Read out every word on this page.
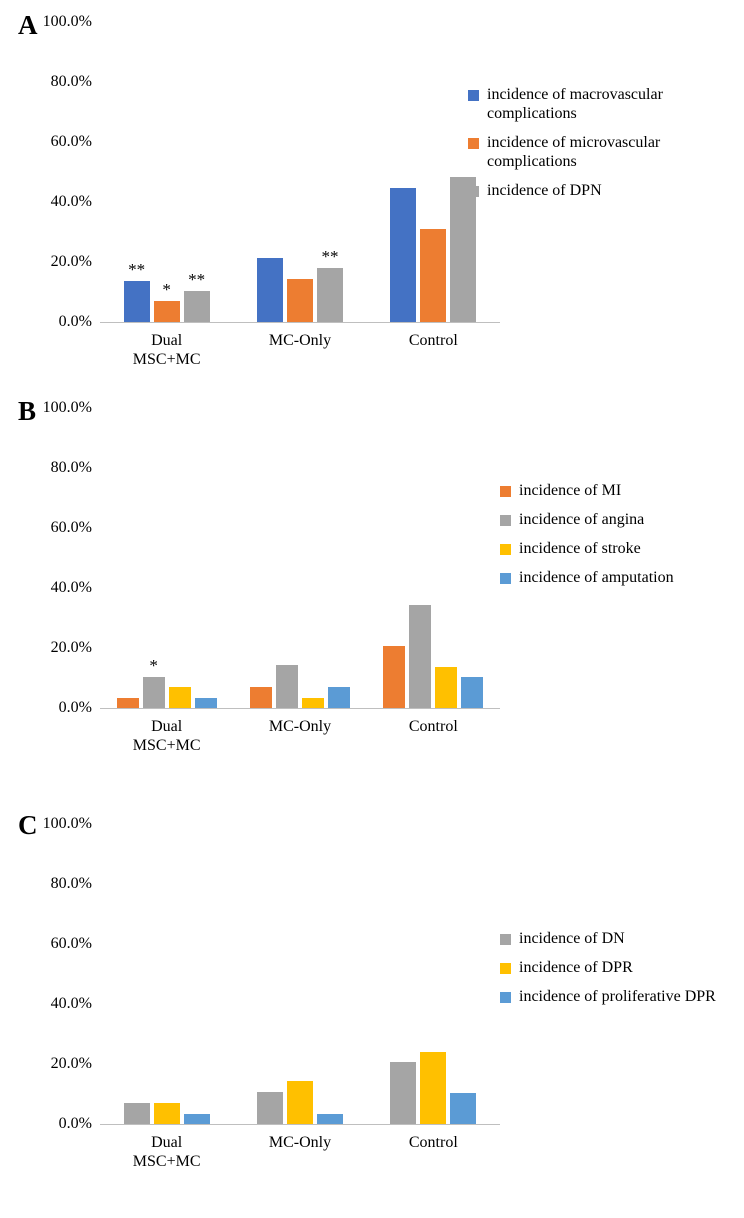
A
0.0%
20.0%
40.0%
60.0%
80.0%
100.0%
**
*
**
**
Dual
MSC+MC
MC-Only	Control
incidence of macrovascular complications
incidence of microvascular complications
incidence of DPN
B
0.0%
20.0%
40.0%
60.0%
80.0%
100.0%
*
Dual
MSC+MC
MC-Only	Control
incidence of MI
incidence of angina
incidence of stroke
incidence of amputation
C
0.0%
20.0%
40.0%
60.0%
80.0%
100.0%
Dual
MSC+MC
MC-Only	Control
incidence of DN
incidence of DPR
incidence of proliferative DPR
